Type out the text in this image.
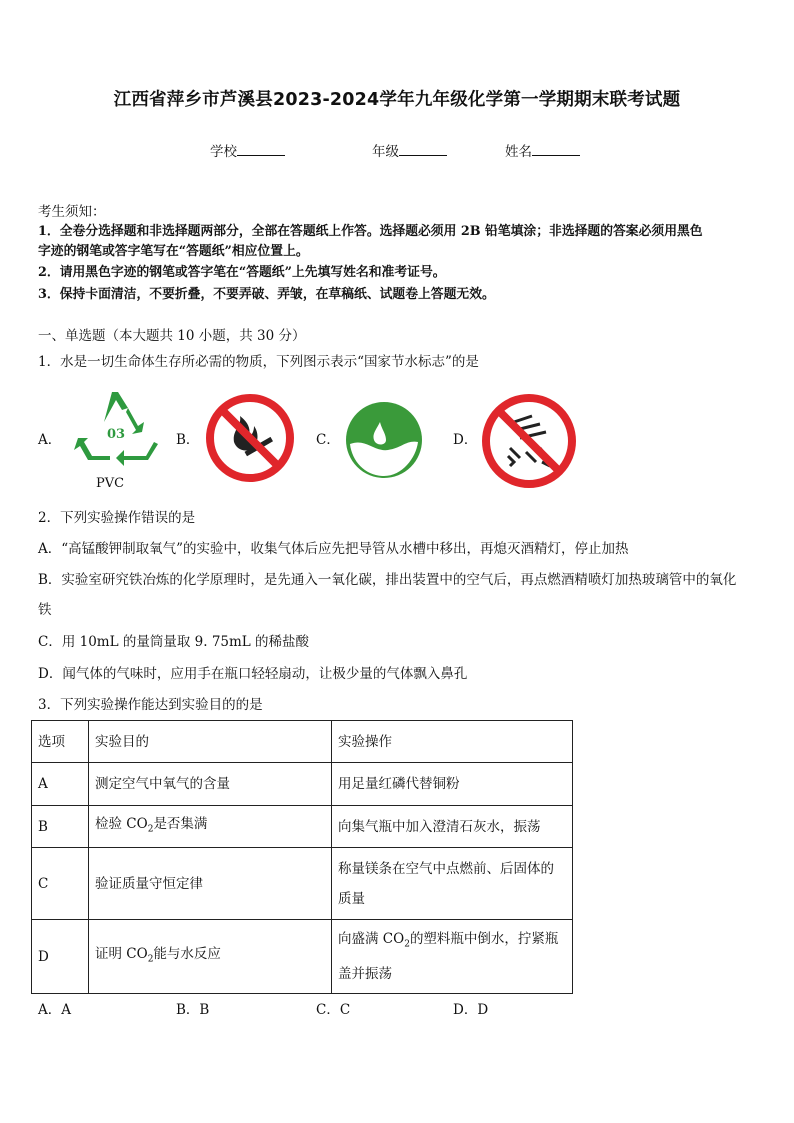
江西省萍乡市芦溪县2023-2024学年九年级化学第一学期期末联考试题
学校	年级	姓名
考生须知：
1．全卷分选择题和非选择题两部分，全部在答题纸上作答。选择题必须用 2B 铅笔填涂；非选择题的答案必须用黑色
字迹的钢笔或答字笔写在“答题纸”相应位置上。
2．请用黑色字迹的钢笔或答字笔在“答题纸”上先填写姓名和准考证号。
3．保持卡面清洁，不要折叠，不要弄破、弄皱，在草稿纸、试题卷上答题无效。
一、单选题（本大题共 10 小题，共 30 分）
1．水是一切生命体生存所必需的物质，下列图示表示“国家节水标志”的是
A．	B．	C．	D．
03
PVC
2．下列实验操作错误的是
A．“高锰酸钾制取氧气”的实验中，收集气体后应先把导管从水槽中移出，再熄灭酒精灯，停止加热
B．实验室研究铁冶炼的化学原理时，是先通入一氧化碳，排出装置中的空气后，再点燃酒精喷灯加热玻璃管中的氧化
铁
C．用 10mL 的量筒量取 9. 75mL 的稀盐酸
D．闻气体的气味时，应用手在瓶口轻轻扇动，让极少量的气体飘入鼻孔
3．下列实验操作能达到实验目的的是
选项	实验目的	实验操作
A	测定空气中氧气的含量	用足量红磷代替铜粉
B	检验 $CO_2$是否集满	向集气瓶中加入澄清石灰水，振荡
C	验证质量守恒定律	称量镁条在空气中点燃前、后固体的
质量
D	证明 $CO_2$能与水反应	向盛满 $CO_2$的塑料瓶中倒水，拧紧瓶
盖并振荡
A．A	B．B	C．C	D．D
